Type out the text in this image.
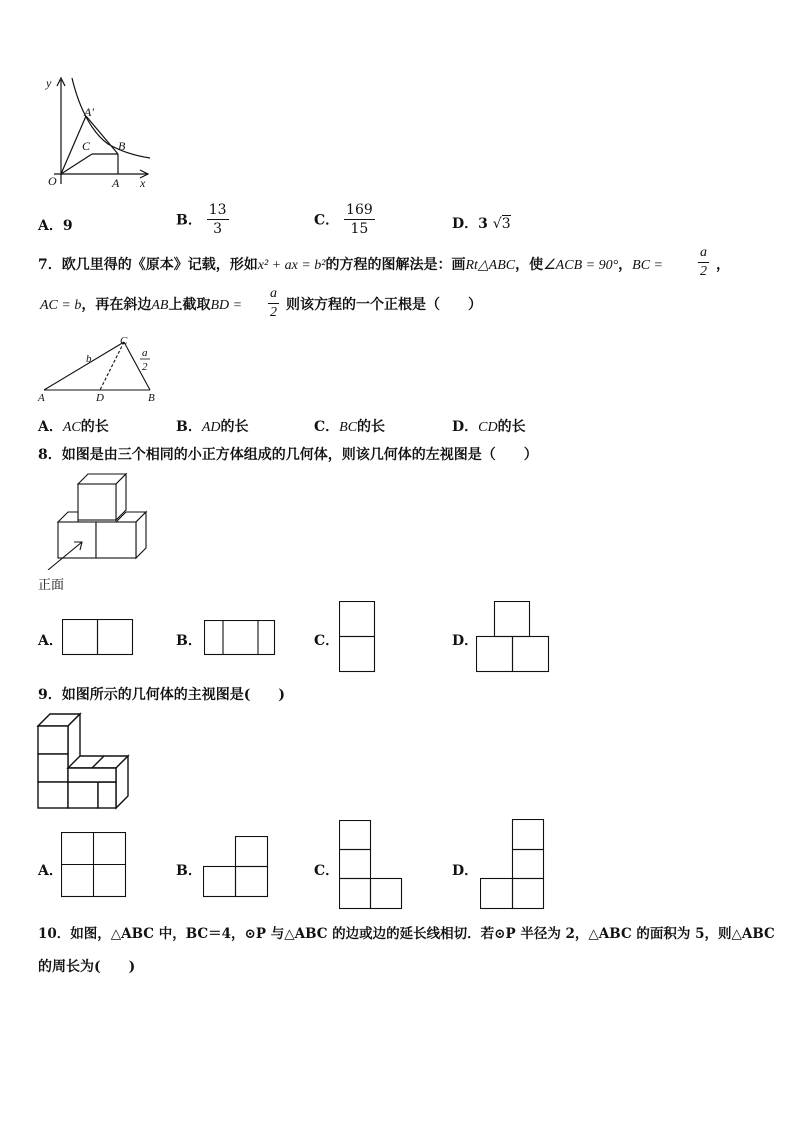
y
x
O
A′
C B
A
A．9	B． $\frac{13}{3}$	C． $\frac{169}{15}$	D．3 √3
7．欧几里得的《原本》记载，形如x² + ax = b²的方程的图解法是：画Rt△ABC，使∠ACB = 90°，BC = $\frac{a}{2}$ ，
AC = b，再在斜边AB上截取BD = $\frac{a}{2}$ 则该方程的一个正根是（　　）
C
b
A	D	B
a
2
A．AC的长	B．AD的长	C．BC的长	D．CD的长
8．如图是由三个相同的小正方体组成的几何体，则该几何体的左视图是（　　）
正面
A．	B．	C．	D．
9．如图所示的几何体的主视图是(　　)
A．	B．	C．	D．
10．如图，△ABC 中，BC＝4，⊙P 与△ABC 的边或边的延长线相切．若⊙P 半径为 2，△ABC 的面积为 5，则△ABC
的周长为(　　)
